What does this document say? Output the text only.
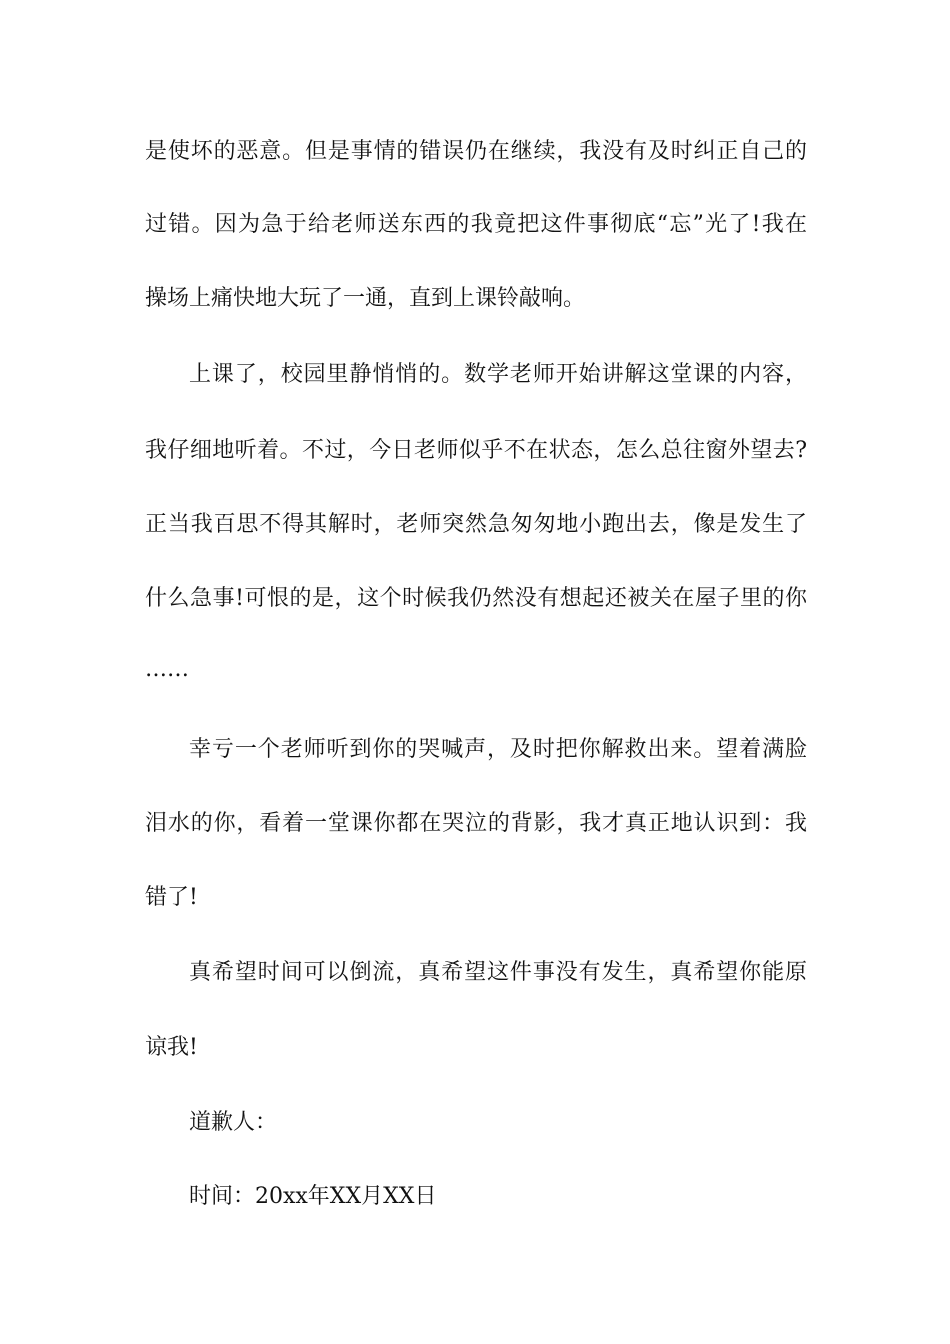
是使坏的恶意。但是事情的错误仍在继续，我没有及时纠正自己的
过错。因为急于给老师送东西的我竟把这件事彻底“忘”光了!我在
操场上痛快地大玩了一通，直到上课铃敲响。
上课了，校园里静悄悄的。数学老师开始讲解这堂课的内容，
我仔细地听着。不过，今日老师似乎不在状态，怎么总往窗外望去?
正当我百思不得其解时，老师突然急匆匆地小跑出去，像是发生了
什么急事!可恨的是，这个时候我仍然没有想起还被关在屋子里的你
……
幸亏一个老师听到你的哭喊声，及时把你解救出来。望着满脸
泪水的你，看着一堂课你都在哭泣的背影，我才真正地认识到：我
错了!
真希望时间可以倒流，真希望这件事没有发生，真希望你能原
谅我!
道歉人：
时间：20xx年XX月XX日
